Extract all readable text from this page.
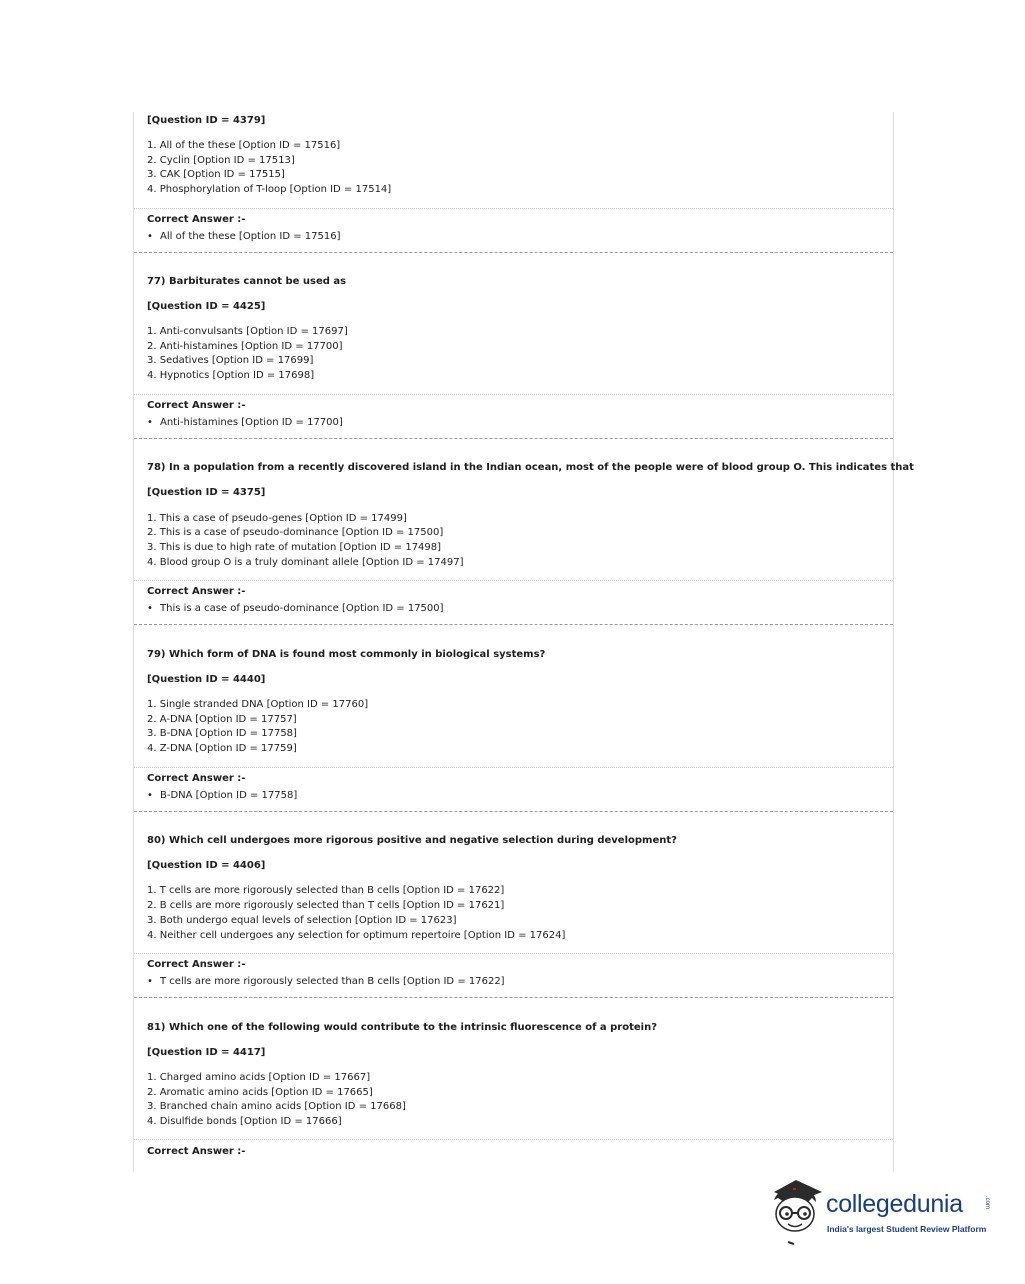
[Question ID = 4379]
1. All of the these [Option ID = 17516]
2. Cyclin [Option ID = 17513]
3. CAK [Option ID = 17515]
4. Phosphorylation of T-loop [Option ID = 17514]
Correct Answer :-
• All of the these [Option ID = 17516]
77) Barbiturates cannot be used as
[Question ID = 4425]
1. Anti-convulsants [Option ID = 17697]
2. Anti-histamines [Option ID = 17700]
3. Sedatives [Option ID = 17699]
4. Hypnotics [Option ID = 17698]
Correct Answer :-
• Anti-histamines [Option ID = 17700]
78) In a population from a recently discovered island in the Indian ocean, most of the people were of blood group O. This indicates that
[Question ID = 4375]
1. This a case of pseudo-genes [Option ID = 17499]
2. This is a case of pseudo-dominance [Option ID = 17500]
3. This is due to high rate of mutation [Option ID = 17498]
4. Blood group O is a truly dominant allele [Option ID = 17497]
Correct Answer :-
• This is a case of pseudo-dominance [Option ID = 17500]
79) Which form of DNA is found most commonly in biological systems?
[Question ID = 4440]
1. Single stranded DNA [Option ID = 17760]
2. A-DNA [Option ID = 17757]
3. B-DNA [Option ID = 17758]
4. Z-DNA [Option ID = 17759]
Correct Answer :-
• B-DNA [Option ID = 17758]
80) Which cell undergoes more rigorous positive and negative selection during development?
[Question ID = 4406]
1. T cells are more rigorously selected than B cells [Option ID = 17622]
2. B cells are more rigorously selected than T cells [Option ID = 17621]
3. Both undergo equal levels of selection [Option ID = 17623]
4. Neither cell undergoes any selection for optimum repertoire [Option ID = 17624]
Correct Answer :-
• T cells are more rigorously selected than B cells [Option ID = 17622]
81) Which one of the following would contribute to the intrinsic fluorescence of a protein?
[Question ID = 4417]
1. Charged amino acids [Option ID = 17667]
2. Aromatic amino acids [Option ID = 17665]
3. Branched chain amino acids [Option ID = 17668]
4. Disulfide bonds [Option ID = 17666]
Correct Answer :-
collegedunia	.com
India's largest Student Review Platform
